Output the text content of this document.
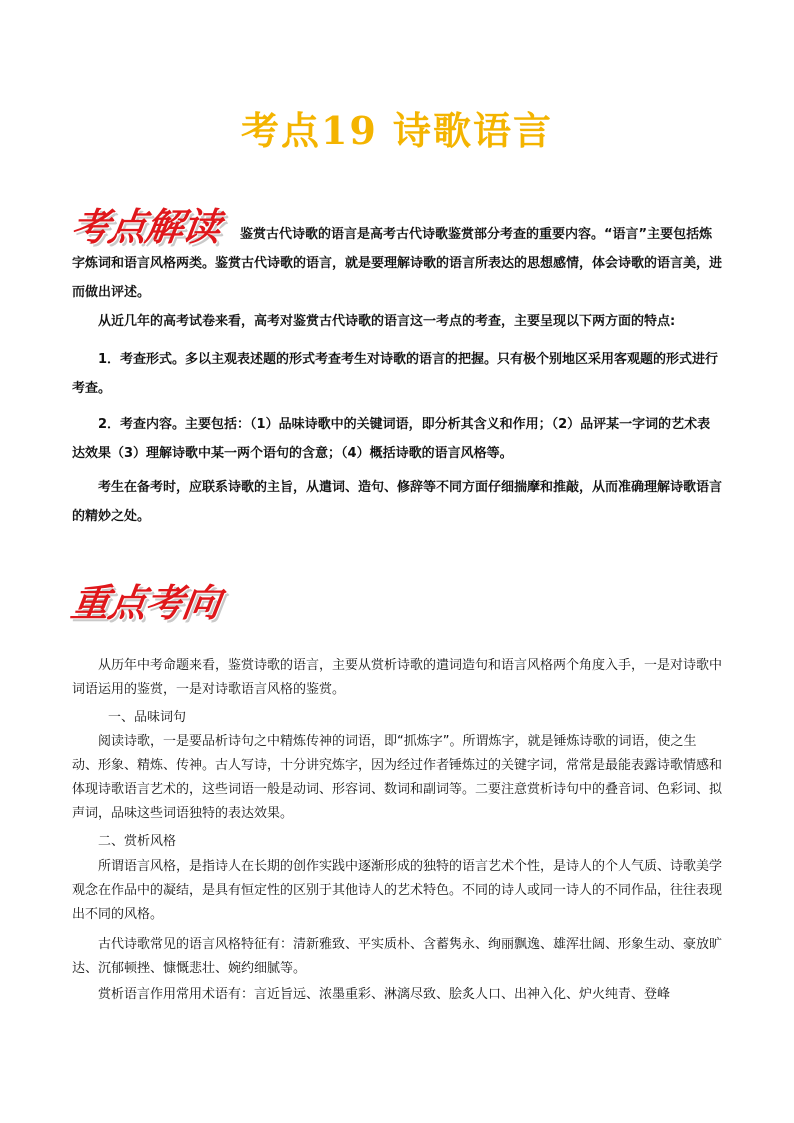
考点19 诗歌语言
考点解读	鉴赏古代诗歌的语言是高考古代诗歌鉴赏部分考查的重要内容。“语言”主要包括炼字炼词和语言风格两类。鉴赏古代诗歌的语言，就是要理解诗歌的语言所表达的思想感情，体会诗歌的语言美，进而做出评述。

从近几年的高考试卷来看，高考对鉴赏古代诗歌的语言这一考点的考查，主要呈现以下两方面的特点:

1．考查形式。多以主观表述题的形式考查考生对诗歌的语言的把握。只有极个别地区采用客观题的形式进行考查。

2．考查内容。主要包括：（1）品味诗歌中的关键词语，即分析其含义和作用；（2）品评某一字词的艺术表达效果（3）理解诗歌中某一两个语句的含意；（4）概括诗歌的语言风格等。

考生在备考时，应联系诗歌的主旨，从遣词、造句、修辞等不同方面仔细揣摩和推敲，从而准确理解诗歌语言的精妙之处。

重点考向

从历年中考命题来看，鉴赏诗歌的语言，主要从赏析诗歌的遣词造句和语言风格两个角度入手，一是对诗歌中词语运用的鉴赏，一是对诗歌语言风格的鉴赏。

一、品味词句

阅读诗歌，一是要品析诗句之中精炼传神的词语，即“抓炼字”。所谓炼字，就是锤炼诗歌的词语，使之生动、形象、精炼、传神。古人写诗，十分讲究炼字，因为经过作者锤炼过的关键字词，常常是最能表露诗歌情感和体现诗歌语言艺术的，这些词语一般是动词、形容词、数词和副词等。二要注意赏析诗句中的叠音词、色彩词、拟声词，品味这些词语独特的表达效果。

二、赏析风格

所谓语言风格，是指诗人在长期的创作实践中逐渐形成的独特的语言艺术个性，是诗人的个人气质、诗歌美学观念在作品中的凝结，是具有恒定性的区别于其他诗人的艺术特色。不同的诗人或同一诗人的不同作品，往往表现出不同的风格。

古代诗歌常见的语言风格特征有：清新雅致、平实质朴、含蓄隽永、绚丽飘逸、雄浑壮阔、形象生动、豪放旷达、沉郁顿挫、慷慨悲壮、婉约细腻等。

赏析语言作用常用术语有：言近旨远、浓墨重彩、淋漓尽致、脍炙人口、出神入化、炉火纯青、登峰
